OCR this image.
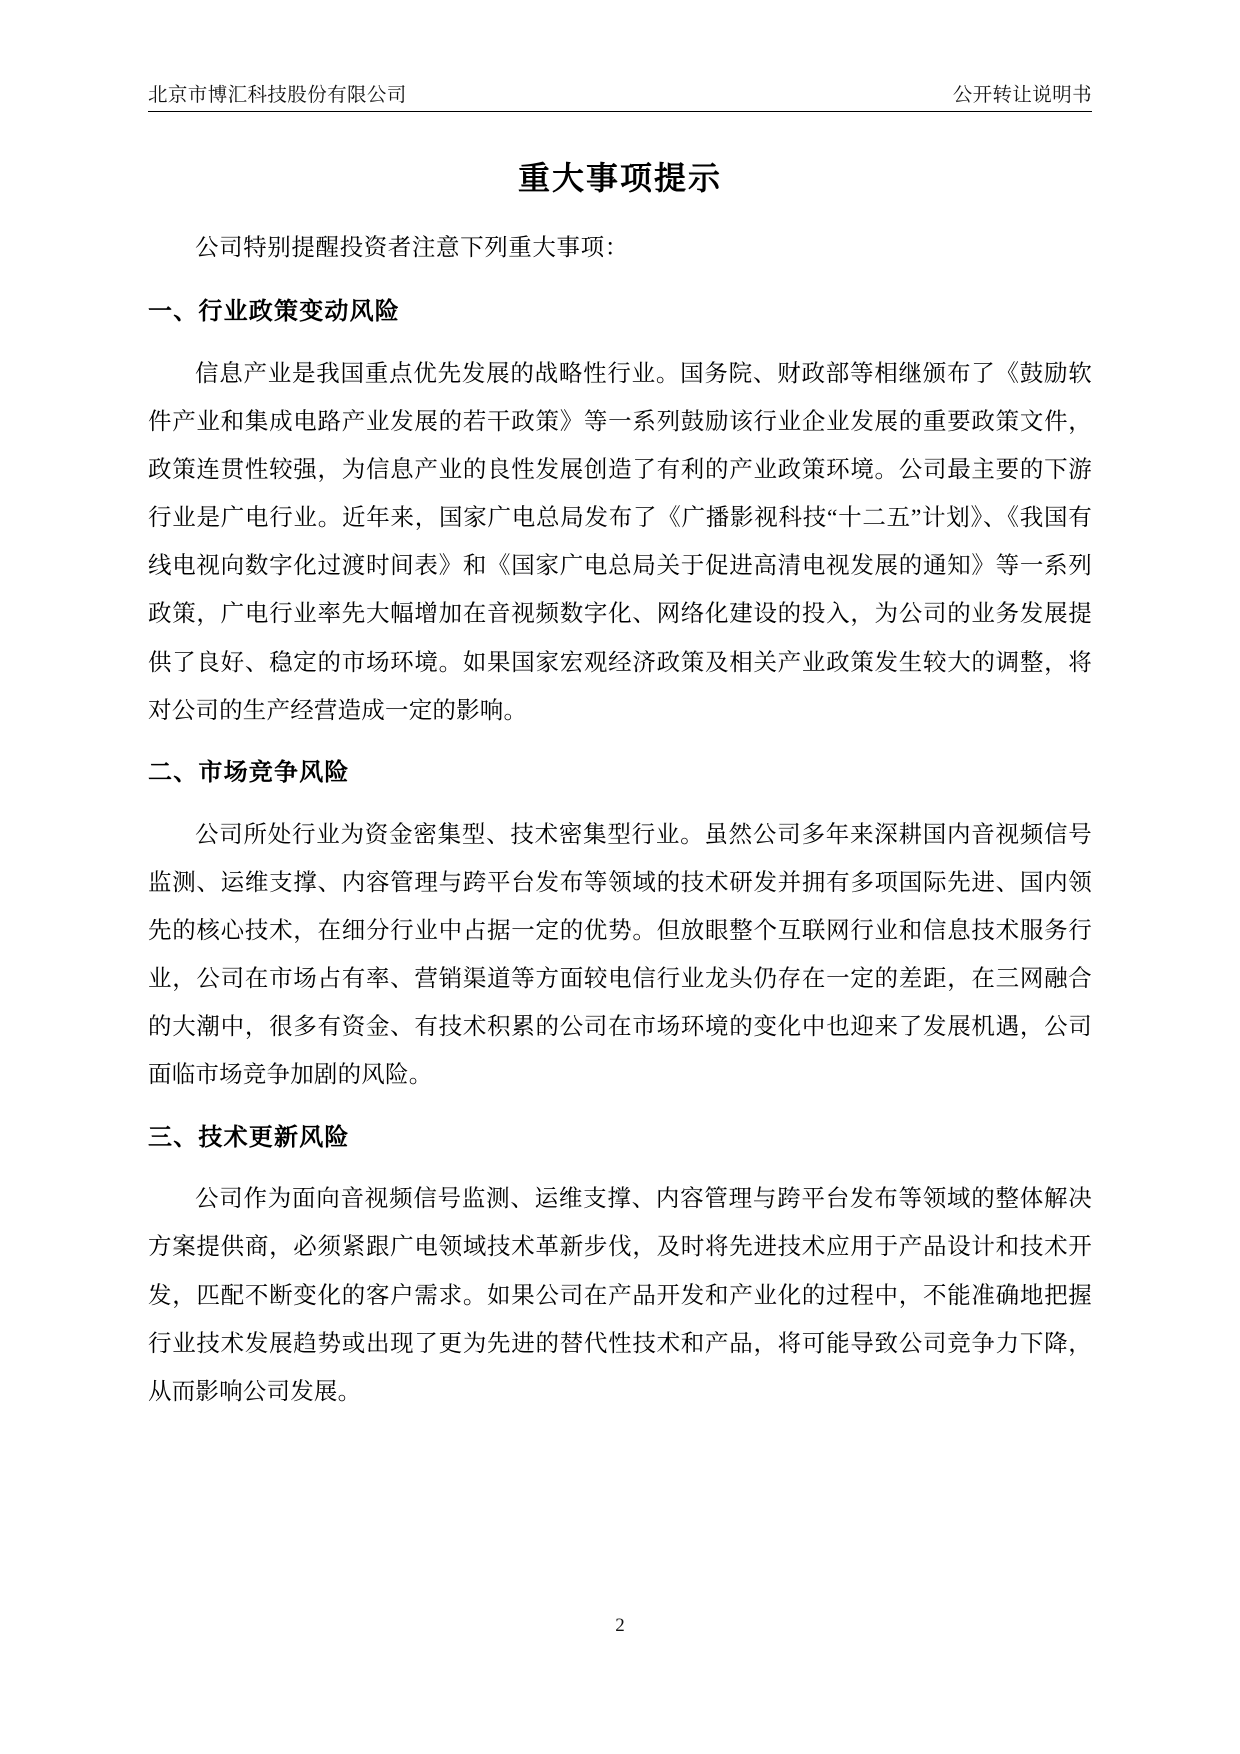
北京市博汇科技股份有限公司	公开转让说明书
重大事项提示

公司特别提醒投资者注意下列重大事项：

一、行业政策变动风险

信息产业是我国重点优先发展的战略性行业。国务院、财政部等相继颁布了《鼓励软件产业和集成电路产业发展的若干政策》等一系列鼓励该行业企业发展的重要政策文件，政策连贯性较强，为信息产业的良性发展创造了有利的产业政策环境。公司最主要的下游行业是广电行业。近年来，国家广电总局发布了《广播影视科技“十二五”计划》、《我国有线电视向数字化过渡时间表》和《国家广电总局关于促进高清电视发展的通知》等一系列政策，广电行业率先大幅增加在音视频数字化、网络化建设的投入，为公司的业务发展提供了良好、稳定的市场环境。如果国家宏观经济政策及相关产业政策发生较大的调整，将对公司的生产经营造成一定的影响。

二、市场竞争风险

公司所处行业为资金密集型、技术密集型行业。虽然公司多年来深耕国内音视频信号监测、运维支撑、内容管理与跨平台发布等领域的技术研发并拥有多项国际先进、国内领先的核心技术，在细分行业中占据一定的优势。但放眼整个互联网行业和信息技术服务行业，公司在市场占有率、营销渠道等方面较电信行业龙头仍存在一定的差距，在三网融合的大潮中，很多有资金、有技术积累的公司在市场环境的变化中也迎来了发展机遇，公司面临市场竞争加剧的风险。

三、技术更新风险

公司作为面向音视频信号监测、运维支撑、内容管理与跨平台发布等领域的整体解决方案提供商，必须紧跟广电领域技术革新步伐，及时将先进技术应用于产品设计和技术开发，匹配不断变化的客户需求。如果公司在产品开发和产业化的过程中，不能准确地把握行业技术发展趋势或出现了更为先进的替代性技术和产品，将可能导致公司竞争力下降，从而影响公司发展。

2
